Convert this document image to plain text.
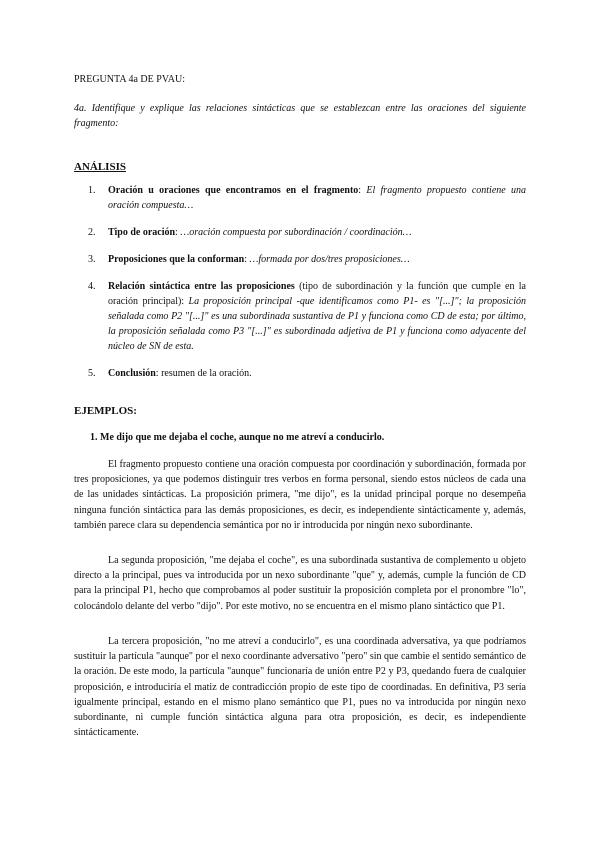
PREGUNTA 4a DE PVAU:
4a. Identifique y explique las relaciones sintácticas que se establezcan entre las oraciones del siguiente fragmento:
ANÁLISIS
1. Oración u oraciones que encontramos en el fragmento: El fragmento propuesto contiene una oración compuesta…
2. Tipo de oración: …oración compuesta por subordinación / coordinación…
3. Proposiciones que la conforman: …formada por dos/tres proposiciones…
4. Relación sintáctica entre las proposiciones (tipo de subordinación y la función que cumple en la oración principal): La proposición principal -que identificamos como P1- es "[...]"; la proposición señalada como P2 "[...]" es una subordinada sustantiva de P1 y funciona como CD de esta; por último, la proposición señalada como P3 "[...]" es subordinada adjetiva de P1 y funciona como adyacente del núcleo de SN de esta.
5. Conclusión: resumen de la oración.
EJEMPLOS:
1. Me dijo que me dejaba el coche, aunque no me atreví a conducirlo.

El fragmento propuesto contiene una oración compuesta por coordinación y subordinación, formada por tres proposiciones, ya que podemos distinguir tres verbos en forma personal, siendo estos núcleos de cada una de las unidades sintácticas. La proposición primera, "me dijo", es la unidad principal porque no desempeña ninguna función sintáctica para las demás proposiciones, es decir, es independiente sintácticamente y, además, también parece clara su dependencia semántica por no ir introducida por ningún nexo subordinante.

La segunda proposición, "me dejaba el coche", es una subordinada sustantiva de complemento u objeto directo a la principal, pues va introducida por un nexo subordinante "que" y, además, cumple la función de CD para la principal P1, hecho que comprobamos al poder sustituir la proposición completa por el pronombre "lo", colocándolo delante del verbo "dijo". Por este motivo, no se encuentra en el mismo plano sintáctico que P1.

La tercera proposición, "no me atreví a conducirlo", es una coordinada adversativa, ya que podríamos sustituir la partícula "aunque" por el nexo coordinante adversativo "pero" sin que cambie el sentido semántico de la oración. De este modo, la partícula "aunque" funcionaría de unión entre P2 y P3, quedando fuera de cualquier proposición, e introduciría el matiz de contradicción propio de este tipo de coordinadas. En definitiva, P3 sería igualmente principal, estando en el mismo plano semántico que P1, pues no va introducida por ningún nexo subordinante, ni cumple función sintáctica alguna para otra proposición, es decir, es independiente sintácticamente.
